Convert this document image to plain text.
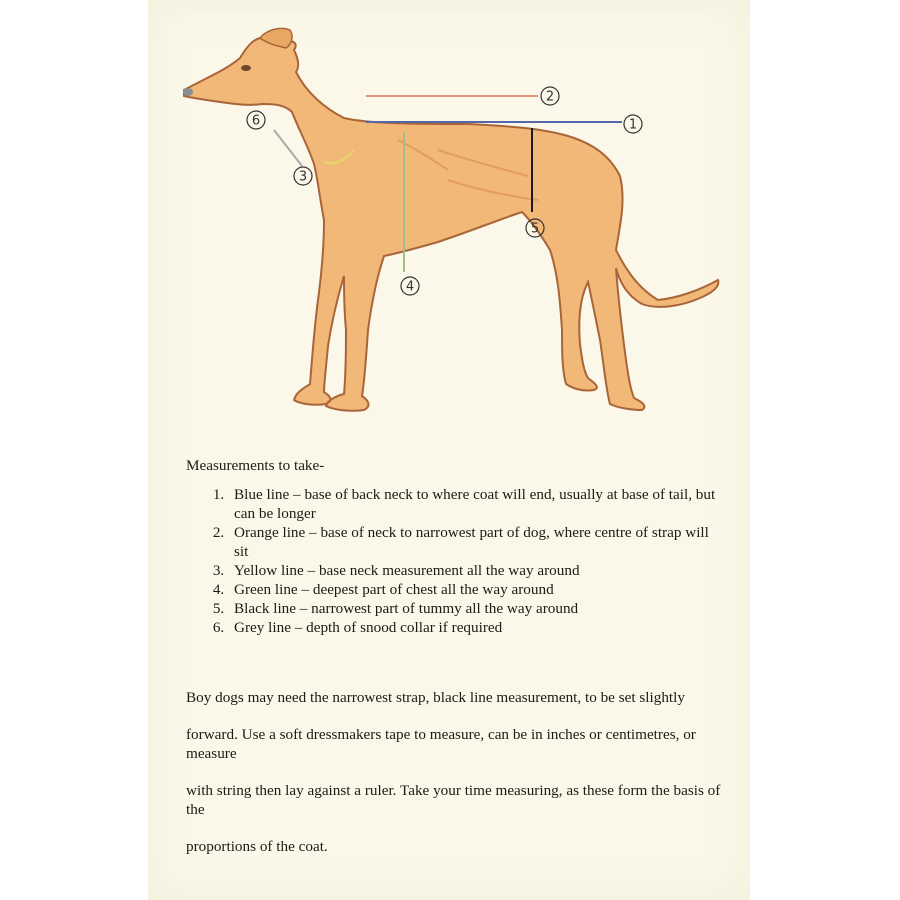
1
2
3
4
5
6

Measurements to take-

1. Blue line – base of back neck to where coat will end, usually at base of tail, but can be longer
2. Orange line – base of neck to narrowest part of dog, where centre of strap will sit
3. Yellow line – base neck measurement all the way around
4. Green line – deepest part of chest all the way around
5. Black line – narrowest part of tummy all the way around
6. Grey line – depth of snood collar if required

Boy dogs may need the narrowest strap, black line measurement, to be set slightly

forward. Use a soft dressmakers tape to measure, can be in inches or centimetres, or measure

with string then lay against a ruler. Take your time measuring, as these form the basis of the

proportions of the coat.
